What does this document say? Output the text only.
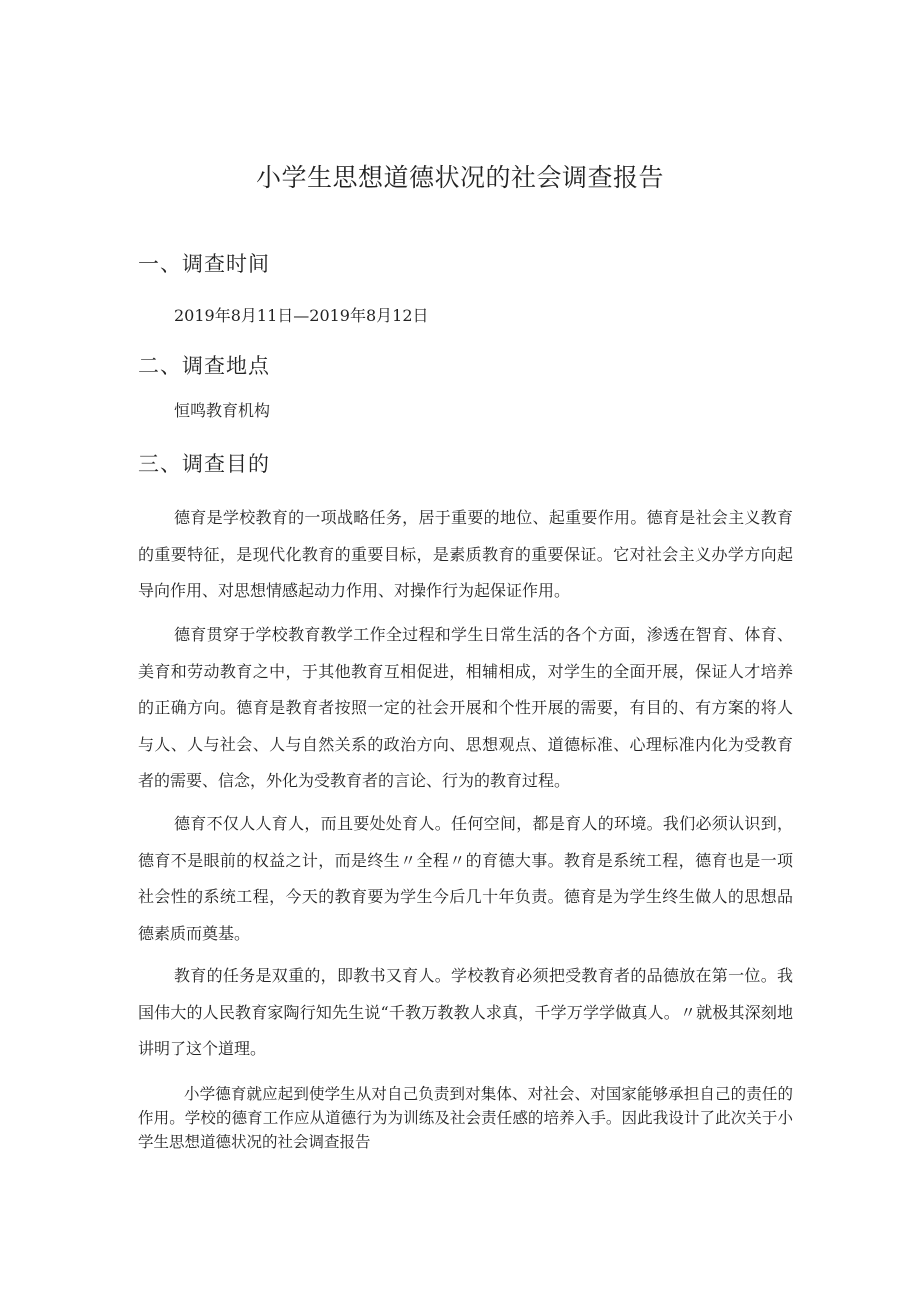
小学生思想道德状况的社会调查报告
一、调查时间
2019年8月11日—2019年8月12日
二、调查地点
恒鸣教育机构
三、调查目的

德育是学校教育的一项战略任务，居于重要的地位、起重要作用。德育是社会主义教育的重要特征，是现代化教育的重要目标，是素质教育的重要保证。它对社会主义办学方向起导向作用、对思想情感起动力作用、对操作行为起保证作用。

德育贯穿于学校教育教学工作全过程和学生日常生活的各个方面，渗透在智育、体育、美育和劳动教育之中，于其他教育互相促进，相辅相成，对学生的全面开展，保证人才培养的正确方向。德育是教育者按照一定的社会开展和个性开展的需要，有目的、有方案的将人与人、人与社会、人与自然关系的政治方向、思想观点、道德标准、心理标准内化为受教育者的需要、信念，外化为受教育者的言论、行为的教育过程。

德育不仅人人育人，而且要处处育人。任何空间，都是育人的环境。我们必须认识到，德育不是眼前的权益之计，而是终生〃全程〃的育德大事。教育是系统工程，德育也是一项社会性的系统工程，今天的教育要为学生今后几十年负责。德育是为学生终生做人的思想品德素质而奠基。

教育的任务是双重的，即教书又育人。学校教育必须把受教育者的品德放在第一位。我国伟大的人民教育家陶行知先生说“千教万教教人求真，千学万学学做真人。〃就极其深刻地讲明了这个道理。

小学德育就应起到使学生从对自己负责到对集体、对社会、对国家能够承担自己的责任的作用。学校的德育工作应从道德行为为训练及社会责任感的培养入手。因此我设计了此次关于小学生思想道德状况的社会调查报告
